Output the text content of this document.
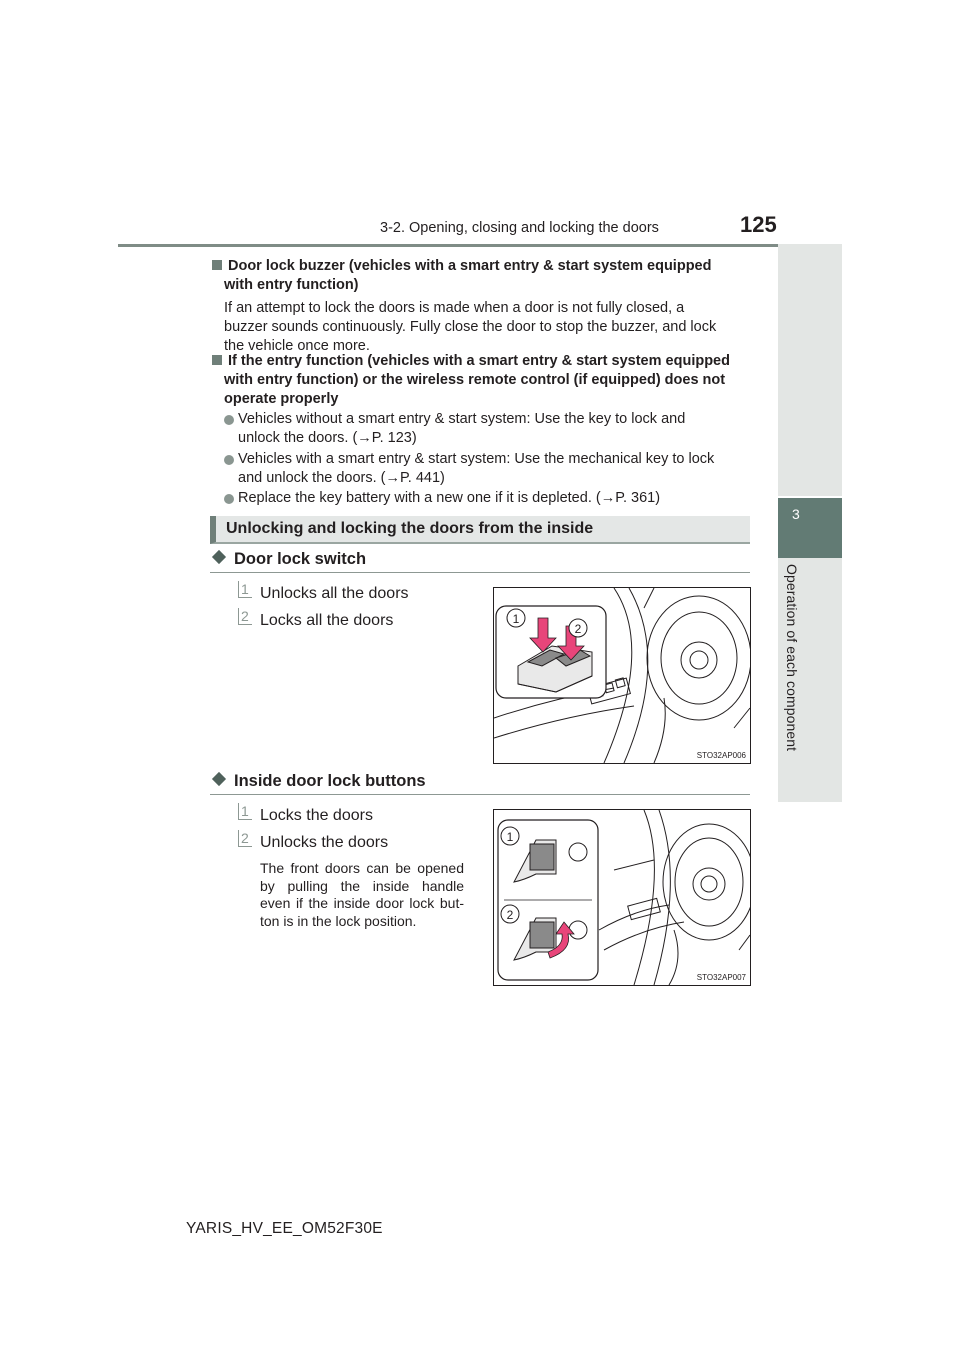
3-2. Opening, closing and locking the doors	125
3
Operation of each component
Door lock buzzer (vehicles with a smart entry & start system equipped
with entry function)
If an attempt to lock the doors is made when a door is not fully closed, a
buzzer sounds continuously. Fully close the door to stop the buzzer, and lock
the vehicle once more.
If the entry function (vehicles with a smart entry & start system equipped
with entry function) or the wireless remote control (if equipped) does not
operate properly
Vehicles without a smart entry & start system: Use the key to lock and
unlock the doors. (→P. 123)
Vehicles with a smart entry & start system: Use the mechanical key to lock
and unlock the doors. (→P. 441)
Replace the key battery with a new one if it is depleted. (→P. 361)
Unlocking and locking the doors from the inside
Door lock switch
1 Unlocks all the doors
2 Locks all the doors	1
2
STO32AP006
Inside door lock buttons
1 Locks the doors
2 Unlocks the doors
The front doors can be opened
by pulling the inside handle
even if the inside door lock but-
ton is in the lock position.
1
2
STO32AP007
YARIS_HV_EE_OM52F30E
